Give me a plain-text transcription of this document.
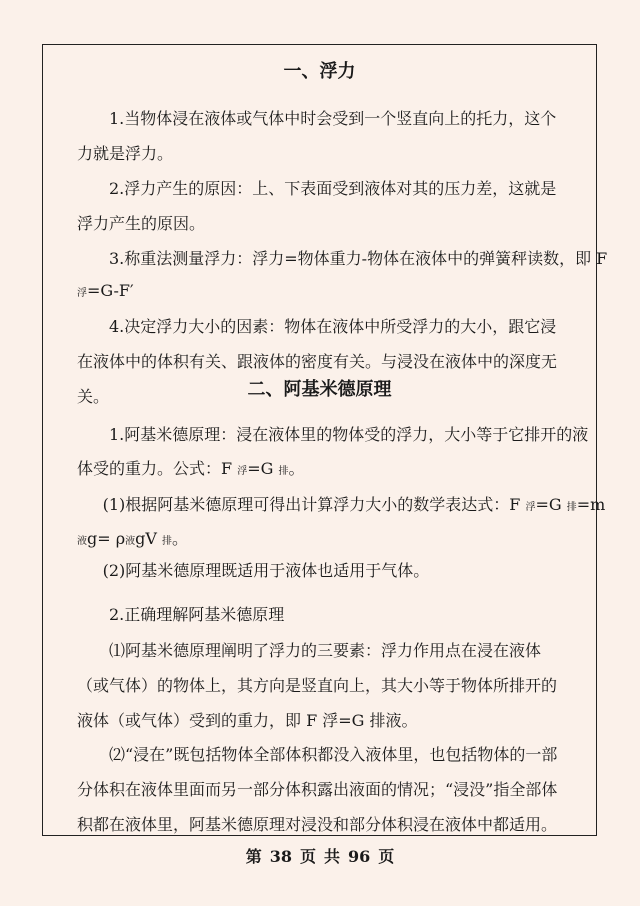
一、浮力

1.当物体浸在液体或气体中时会受到一个竖直向上的托力，这个力就是浮力。

2.浮力产生的原因：上、下表面受到液体对其的压力差，这就是浮力产生的原因。

3.称重法测量浮力：浮力=物体重力-物体在液体中的弹簧秤读数，即 F
浮=G-F′

4.决定浮力大小的因素：物体在液体中所受浮力的大小，跟它浸在液体中的体积有关、跟液体的密度有关。与浸没在液体中的深度无关。	二、阿基米德原理
1.阿基米德原理：浸在液体里的物体受的浮力，大小等于它排开的液
体受的重力。公式：F 浮=G 排。
(1)根据阿基米德原理可得出计算浮力大小的数学表达式：F 浮=G 排=m
液g= ρ液gV 排。
(2)阿基米德原理既适用于液体也适用于气体。
2.正确理解阿基米德原理

⑴阿基米德原理阐明了浮力的三要素：浮力作用点在浸在液体（或气体）的物体上，其方向是竖直向上，其大小等于物体所排开的液体（或气体）受到的重力，即 F 浮=G 排液。

⑵“浸在”既包括物体全部体积都没入液体里，也包括物体的一部分体积在液体里面而另一部分体积露出液面的情况；“浸没”指全部体积都在液体里，阿基米德原理对浸没和部分体积浸在液体中都适用。

第 38 页 共 96 页
